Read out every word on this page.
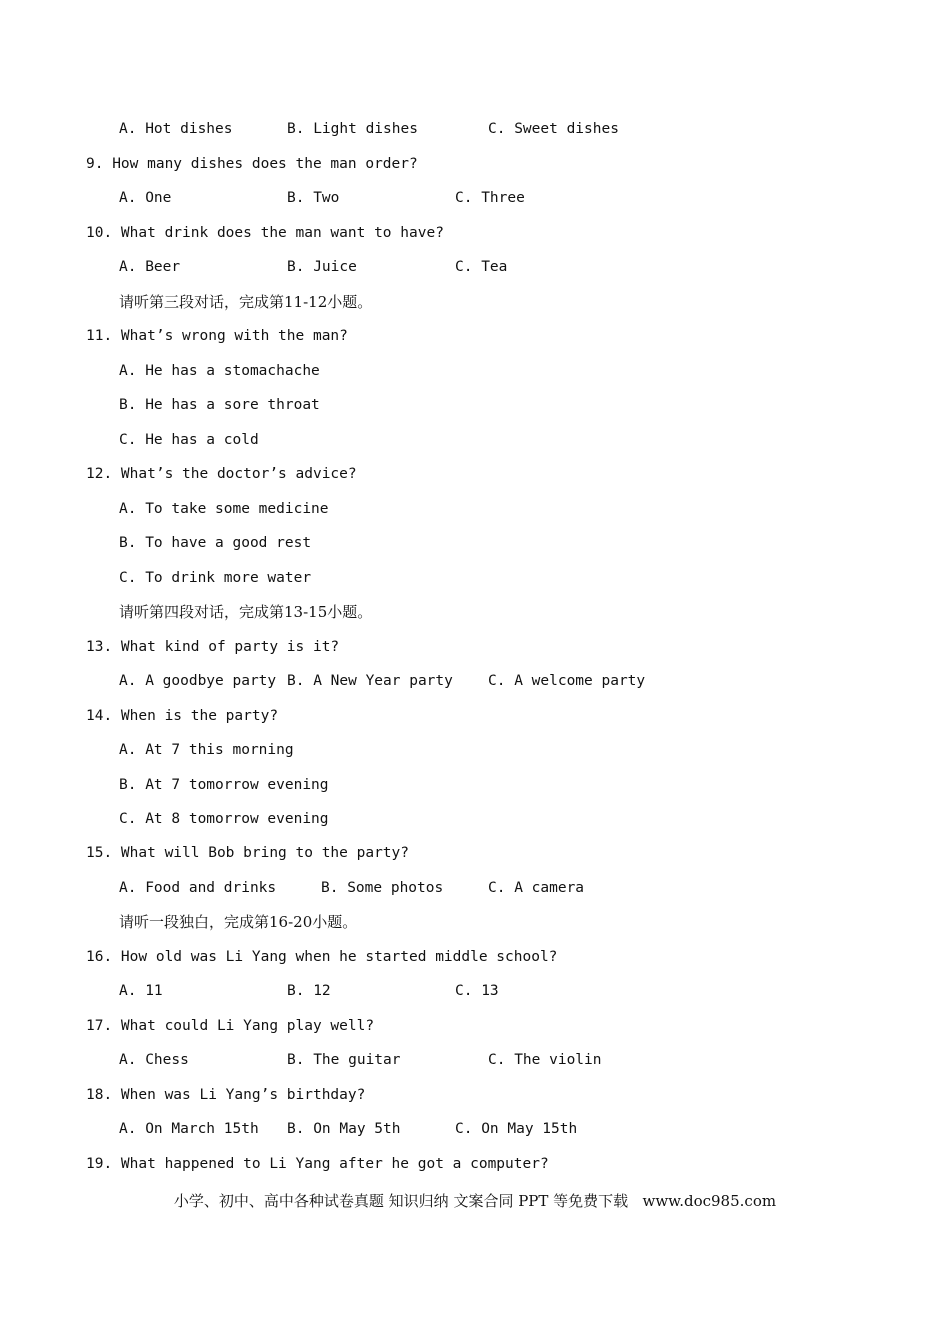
A. Hot dishes	B. Light dishes	C. Sweet dishes
9. How many dishes does the man order?
A. One	B. Two	C. Three
10. What drink does the man want to have?
A. Beer	B. Juice	C. Tea
请听第三段对话，完成第11-12小题。
11. What’s wrong with the man?
A. He has a stomachache
B. He has a sore throat
C. He has a cold
12. What’s the doctor’s advice?
A. To take some medicine
B. To have a good rest
C. To drink more water
请听第四段对话，完成第13-15小题。
13. What kind of party is it?
A. A goodbye party B. A New Year party C. A welcome party
14. When is the party?
A. At 7 this morning
B. At 7 tomorrow evening
C. At 8 tomorrow evening
15. What will Bob bring to the party?
A. Food and drinks	B. Some photos	C. A camera
请听一段独白，完成第16-20小题。
16. How old was Li Yang when he started middle school?
A. 11	B. 12	C. 13
17. What could Li Yang play well?
A. Chess	B. The guitar	C. The violin
18. When was Li Yang’s birthday?
A. On March 15th B. On May 5th	C. On May 15th
19. What happened to Li Yang after he got a computer?
小学、初中、高中各种试卷真题 知识归纳 文案合同 PPT 等免费下载   www.doc985.com
